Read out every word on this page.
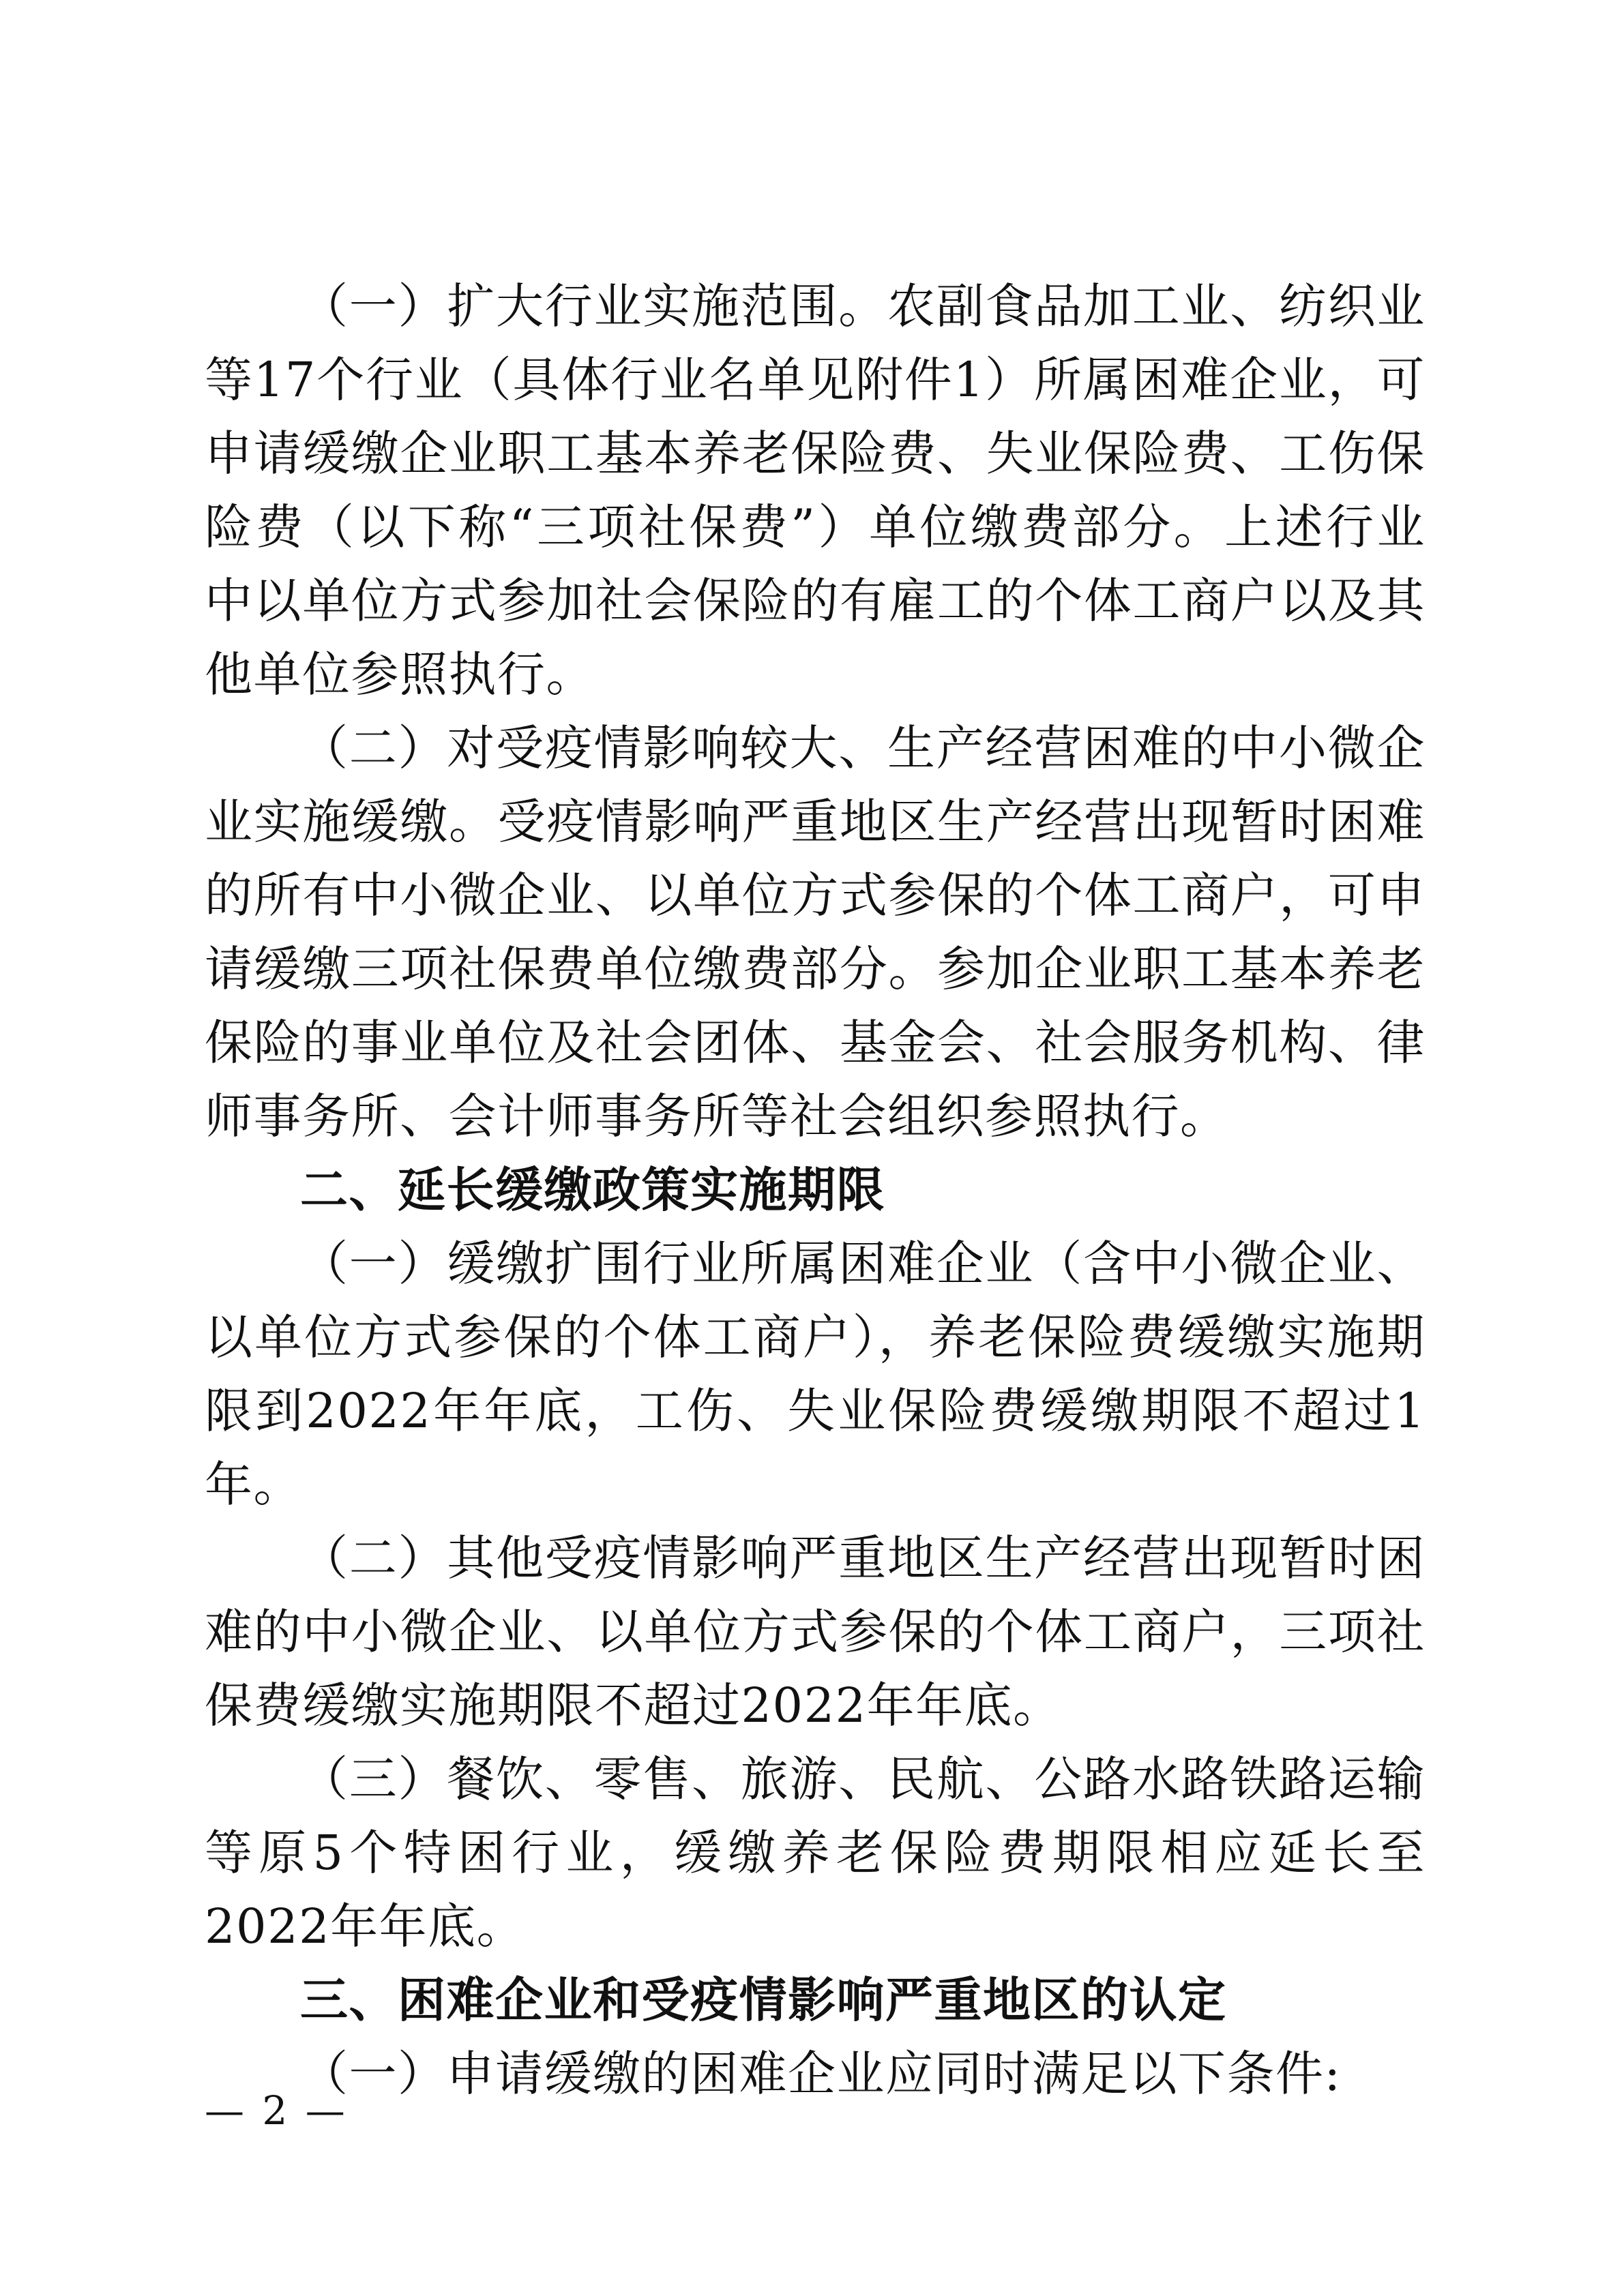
（一）扩大行业实施范围。农副食品加工业、纺织业等17个行业（具体行业名单见附件1）所属困难企业，可申请缓缴企业职工基本养老保险费、失业保险费、工伤保险费（以下称“三项社保费”）单位缴费部分。上述行业中以单位方式参加社会保险的有雇工的个体工商户以及其他单位参照执行。

（二）对受疫情影响较大、生产经营困难的中小微企业实施缓缴。受疫情影响严重地区生产经营出现暂时困难的所有中小微企业、以单位方式参保的个体工商户，可申请缓缴三项社保费单位缴费部分。参加企业职工基本养老保险的事业单位及社会团体、基金会、社会服务机构、律师事务所、会计师事务所等社会组织参照执行。

二、延长缓缴政策实施期限

（一）缓缴扩围行业所属困难企业（含中小微企业、以单位方式参保的个体工商户），养老保险费缓缴实施期限到2022年年底，工伤、失业保险费缓缴期限不超过1年。

（二）其他受疫情影响严重地区生产经营出现暂时困难的中小微企业、以单位方式参保的个体工商户，三项社保费缓缴实施期限不超过2022年年底。

（三）餐饮、零售、旅游、民航、公路水路铁路运输等原5个特困行业，缓缴养老保险费期限相应延长至2022年年底。

三、困难企业和受疫情影响严重地区的认定

（一）申请缓缴的困难企业应同时满足以下条件:

— 2 —
